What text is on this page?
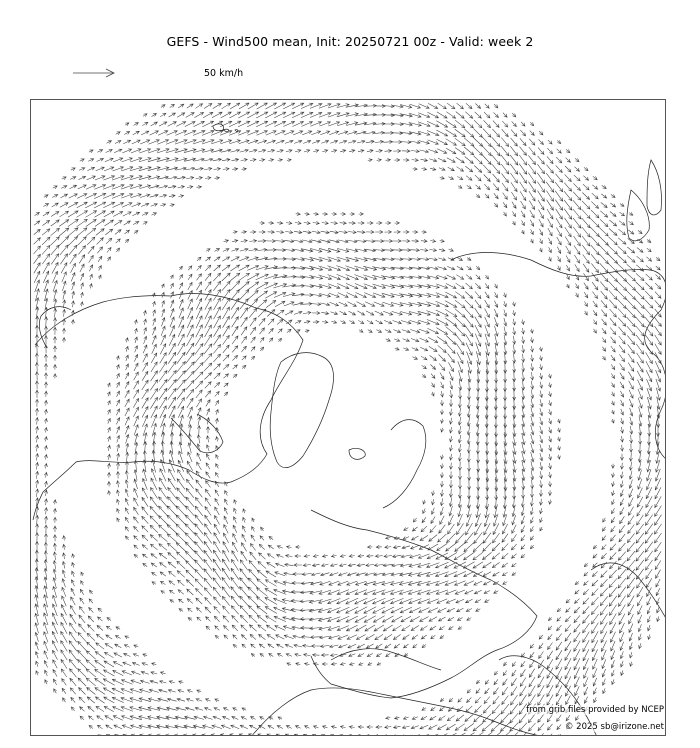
GEFS - Wind500 mean, Init: 20250721 00z - Valid: week 2
50 km/h
from grib files provided by NCEP
© 2025 sb@irizone.net
